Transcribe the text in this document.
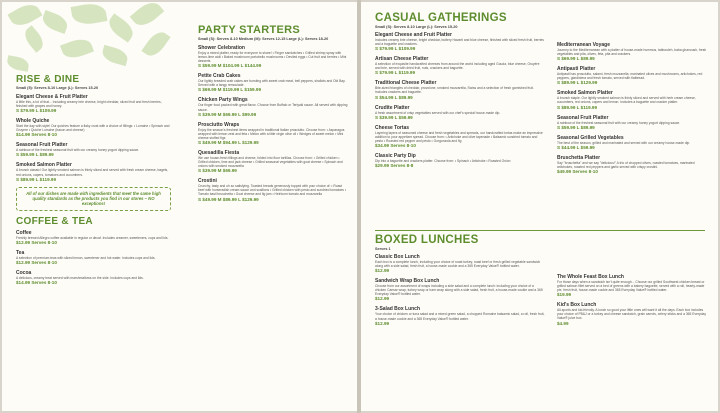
RISE & DINE
Small (5): Serves 8-10 Large (L): Serves 15-20
Elegant Cheese & Fruit Platter
A little this, a lot of that... Including creamy brie cheese, bright cheddar, sliced fruit and fresh berries, finished with grapes and honey.
S $79.99 L $109.99
Whole Quiche
Start the day with style! Our quiches feature a flaky crust with a choice of fillings: • Lorraine • Spinach and Gruyere • Quiche Lorraine (bacon and cheese)
$14.99 Serves 8-10
Seasonal Fruit Platter
A rainbow of the freshest seasonal fruit with our creamy honey yogurt dipping sauce.
S $59.99 L $89.99
Smoked Salmon Platter
A brunch classic! Our lightly smoked salmon is thinly sliced and served with fresh cream cheese, bagels, red onions, capers, tomatoes and cucumbers.
S $89.99 L $119.99
All of our dishes are made with ingredients that meet the same high quality standards as the products you find in our stores – NO exceptions!
COFFEE & TEA
Coffee
Freshly brewed Allegro coffee available in regular or decaf. Includes creamer, sweeteners, cups and lids.
$12.99 Serves 8-10
Tea
A selection of premium teas with sliced lemon, sweetener and hot water. Includes cups and lids.
$12.99 Serves 8-10
Cocoa
A delicious, creamy treat served with marshmallows on the side. Includes cups and lids.
$14.99 Serves 8-10
PARTY STARTERS
Small (S): Serves 8-10 Medium (M): Serves 12-15 Large (L): Serves 18-20
Shower Celebration
Enjoy a mixed platter, ready for everyone to share! • Finger sandwiches • Grilled shrimp spray with lemon-lime aioli • Baked mushroom portobello mushrooms • Deviled eggs • Cut fruit and berries • Mini desserts
S $59.99 M $104.99 L $144.99
Petite Crab Cakes
Our lightly breaded crab cakes are bursting with sweet crab meat, bell peppers, shallots and Old Bay. Served with a tangy remoulade.
S $69.99 M $119.99 L $159.99
Chicken Party Wings
Our finger food packed with great flavor. Choose from Buffalo or Teriyaki sauce. All served with dipping sauce.
S $39.99 M $69.99 L $99.99
Prosciutto Wraps
Enjoy the season's freshest items wrapped in traditional Italian prosciutto. Choose from: • Asparagus wrapped with lemon zest and feta • Melon with a little virgin olive oil • Wedges of sweet melon • Mini cheese stuffed figs
S $49.99 M $94.99 L $129.99
Quesadilla Fiesta
We use house-fresh fillings and cheese, folded into flour tortillas. Choose from: • Grilled chicken • Grilled chicken, lime and jack cheese • Grilled seasonal vegetables with goat cheese • Spinach and onions with smoked mozzarella
S $39.99 M $69.99
Crostini
Crunchy, tasty and oh so satisfying. Toasted breads generously topped with your choice of: • Roast beef with horseradish cream sauce and scallions • Grilled chicken with pesto and sundried tomatoes • Tomato basil bruschetta • Goat cheese and fig jam • Heirloom tomato and mozzarella
S $49.99 M $89.99 L $129.99
CASUAL GATHERINGS
Small (S): Serves 8-10 Large (L): Serves 15-20
Elegant Cheese and Fruit Platter
Includes creamy brie cheese, bright cheddar, buttery Havarti and blue cheese, finished with sliced fresh fruit, berries and a baguette and crackers.
S $79.99 L $109.99
Artisan Cheese Platter
A selection of exquisite handcrafted cheeses from around the world including aged Gouda, blue cheese, Gruyère and brie, served with dried fruit, nuts, crackers and baguette.
S $79.99 L $119.99
Traditional Cheese Platter
Bite-sized triangles of cheddar, provolone, smoked mozzarella, Swiss and a selection of fresh garnished fruit. Includes crackers and baguette.
S $54.99 L $89.99
Crudite Platter
A fresh assortment of crisp vegetables served with our chef's special house-made dip.
S $39.99 L $59.99
Cheese Tortas
Layering layers of seasoned cheese and fresh vegetables and spreads, our handcrafted tortas make an impressive addition to your appetizer spread. Choose from: • Artichoke and olive tapenade • Balsamic sundried tomato and pesto • Roasted red pepper and pesto • Gorgonzola and fig
$34.99 Serves 8-10
Classic Party Dip
Dip into a baguette and crackers platter. Choose from: • Spinach • Artichoke • Roasted Onion
$29.99 Serves 8-8
Mediterranean Voyage
Journey to the Mediterranean with a platter of house-made hummus, tabbouleh, baba ghanoush, fresh vegetables and pita, olives, feta, pita and crackers.
S $69.99 L $89.99
Antipasti Platter
Antipasti has prosciutto, salami, fresh mozzarella, marinated olives and mushrooms, artichokes, red peppers, giardiniera and fresh tomato, served with flatbread.
S $89.99 L $129.99
Smoked Salmon Platter
A brunch staple. Our lightly smoked salmon is thinly sliced and served with herb cream cheese, cucumbers, red onions, capers and lemon. Includes a baguette and cracker platter.
S $89.99 L $119.99
Seasonal Fruit Platter
A rainbow of the freshest seasonal fruit with our creamy honey yogurt dipping sauce.
S $59.99 L $89.99
Seasonal Grilled Vegetables
The best of the season, grilled and marinated and served with our creamy house-made dip.
S $44.99 L $59.99
Bruschetta Platter
Say "bruschetta" and we say "delicious!" A trio of chopped olives, roasted tomatoes, marinated artichokes, roasted red peppers and garlic served with crispy crostini.
$49.99 Serves 8-10
BOXED LUNCHES
Serves 1
Classic Box Lunch
Each box is a complete lunch, including your choice of roast turkey, roast beef or fresh grilled vegetable sandwich along with a side salad, fresh fruit, a house-made cookie and a 365 Everyday Value® bottled water.
$12.99
Sandwich Wrap Box Lunch
Choose from our assortment of wraps including a side salad and a complete lunch: including your choice of a chicken Caesar wrap, turkey wrap or ham wrap along with a side salad, fresh fruit, a house-made cookie and a 365 Everyday Value® bottled water.
$12.99
3-Salad Box Lunch
Your choice of chicken or tuna salad and a mixed green salad, a chopped Romaine balsamic salad, a roll, fresh fruit, a house-made cookie and a 365 Everyday Value® bottled water.
$12.99
The Whole Feast Box Lunch
For those days when a sandwich isn't quite enough... Choose our grilled Southwest chicken breast or grilled salmon fillet served on a bed of greens with a bakery baguette, served with a roll, hearty-made pie, fresh fruit, house-made cookie and 365 Everyday Value® bottled water.
$19.99
Kid's Box Lunch
All-sports and kid-friendly. A lunch so good your little ones will want it all the days. Each box includes your choice of PB&J or a turkey and cheese sandwich, grain carrots, celery sticks and a 365 Everyday Value® juice box.
$4.99
